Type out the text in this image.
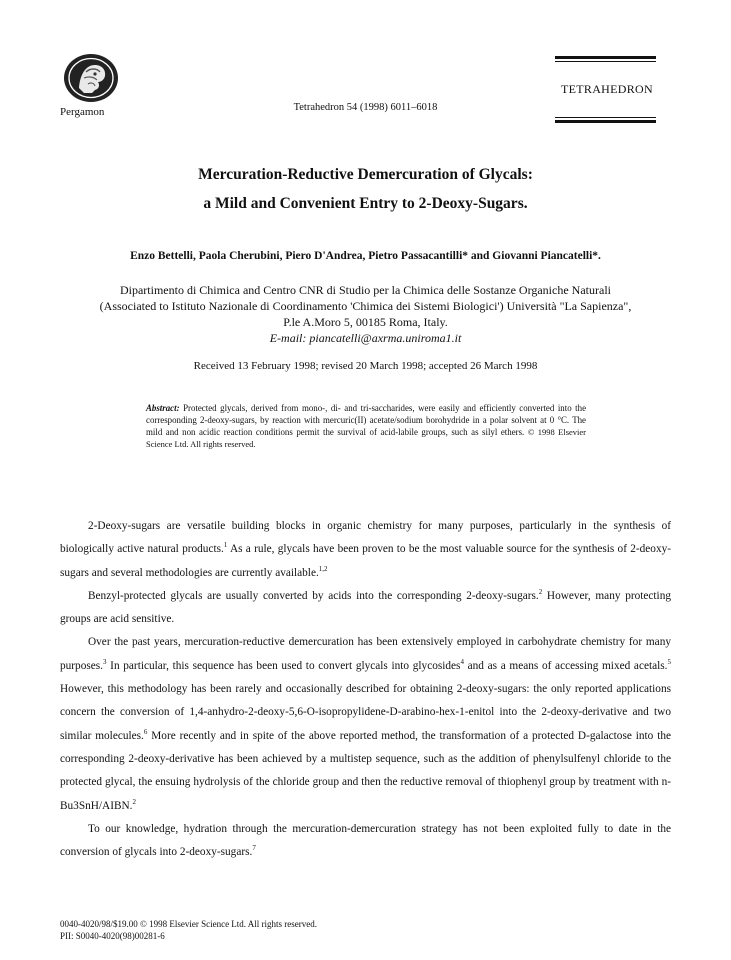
Pergamon	Tetrahedron 54 (1998) 6011–6018
TETRAHEDRON
Mercuration-Reductive Demercuration of Glycals:
a Mild and Convenient Entry to 2-Deoxy-Sugars.
Enzo Bettelli, Paola Cherubini, Piero D'Andrea, Pietro Passacantilli* and Giovanni Piancatelli*.
Dipartimento di Chimica and Centro CNR di Studio per la Chimica delle Sostanze Organiche Naturali
(Associated to Istituto Nazionale di Coordinamento 'Chimica dei Sistemi Biologici') Università "La Sapienza",
P.le A.Moro 5, 00185 Roma, Italy.
E-mail: piancatelli@axrma.uniroma1.it
Received 13 February 1998; revised 20 March 1998; accepted 26 March 1998
Abstract: Protected glycals, derived from mono-, di- and tri-saccharides, were easily and efficiently converted into the corresponding 2-deoxy-sugars, by reaction with mercuric(II) acetate/sodium borohydride in a polar solvent at 0 °C. The mild and non acidic reaction conditions permit the survival of acid-labile groups, such as silyl ethers. © 1998 Elsevier Science Ltd. All rights reserved.

2-Deoxy-sugars are versatile building blocks in organic chemistry for many purposes, particularly in the synthesis of biologically active natural products.$^1$ As a rule, glycals have been proven to be the most valuable source for the synthesis of 2-deoxy-sugars and several methodologies are currently available.$^{1,2}$

Benzyl-protected glycals are usually converted by acids into the corresponding 2-deoxy-sugars.$^2$ However, many protecting groups are acid sensitive.

Over the past years, mercuration-reductive demercuration has been extensively employed in carbohydrate chemistry for many purposes.$^3$ In particular, this sequence has been used to convert glycals into glycosides$^4$ and as a means of accessing mixed acetals.$^5$ However, this methodology has been rarely and occasionally described for obtaining 2-deoxy-sugars: the only reported applications concern the conversion of 1,4-anhydro-2-deoxy-5,6-O-isopropylidene-D-arabino-hex-1-enitol into the 2-deoxy-derivative and two similar molecules.$^6$ More recently and in spite of the above reported method, the transformation of a protected D-galactose into the corresponding 2-deoxy-derivative has been achieved by a multistep sequence, such as the addition of phenylsulfenyl chloride to the protected glycal, the ensuing hydrolysis of the chloride group and then the reductive removal of thiophenyl group by treatment with n-Bu3SnH/AIBN.$^2$

To our knowledge, hydration through the mercuration-demercuration strategy has not been exploited fully to date in the conversion of glycals into 2-deoxy-sugars.$^7$

0040-4020/98/$19.00 © 1998 Elsevier Science Ltd. All rights reserved.
PII: S0040-4020(98)00281-6
